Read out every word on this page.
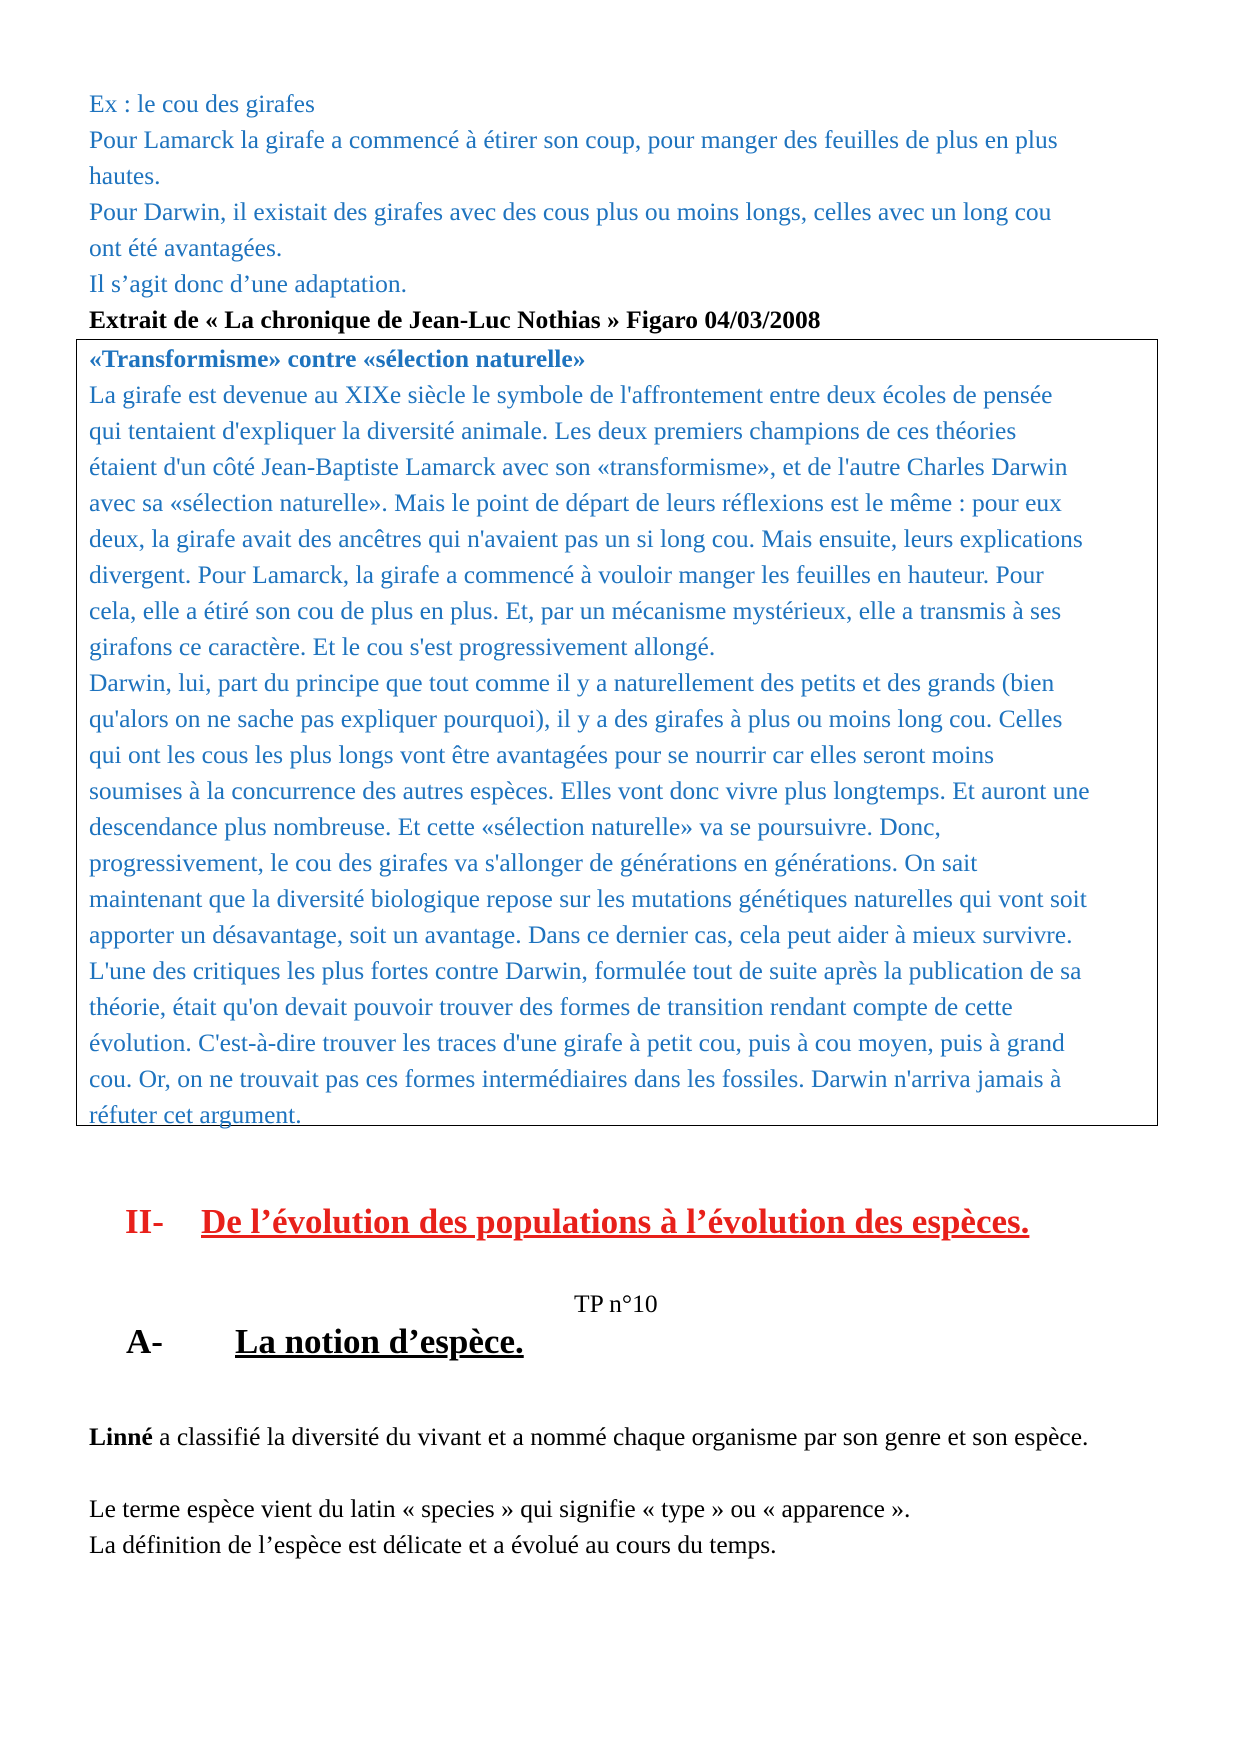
Ex : le cou des girafes

Pour Lamarck la girafe a commencé à étirer son coup, pour manger des feuilles de plus en plus

hautes.

Pour Darwin, il existait des girafes avec des cous plus ou moins longs, celles avec un long cou

ont été avantagées.

Il s’agit donc d’une adaptation.

Extrait de « La chronique de Jean-Luc Nothias » Figaro 04/03/2008

«Transformisme» contre «sélection naturelle»

La girafe est devenue au XIXe siècle le symbole de l'affrontement entre deux écoles de pensée

qui tentaient d'expliquer la diversité animale. Les deux premiers champions de ces théories

étaient d'un côté Jean-Baptiste Lamarck avec son «transformisme», et de l'autre Charles Darwin

avec sa «sélection naturelle». Mais le point de départ de leurs réflexions est le même : pour eux

deux, la girafe avait des ancêtres qui n'avaient pas un si long cou. Mais ensuite, leurs explications

divergent. Pour Lamarck, la girafe a commencé à vouloir manger les feuilles en hauteur. Pour

cela, elle a étiré son cou de plus en plus. Et, par un mécanisme mystérieux, elle a transmis à ses

girafons ce caractère. Et le cou s'est progressivement allongé.

Darwin, lui, part du principe que tout comme il y a naturellement des petits et des grands (bien

qu'alors on ne sache pas expliquer pourquoi), il y a des girafes à plus ou moins long cou. Celles

qui ont les cous les plus longs vont être avantagées pour se nourrir car elles seront moins

soumises à la concurrence des autres espèces. Elles vont donc vivre plus longtemps. Et auront une

descendance plus nombreuse. Et cette «sélection naturelle» va se poursuivre. Donc,

progressivement, le cou des girafes va s'allonger de générations en générations. On sait

maintenant que la diversité biologique repose sur les mutations génétiques naturelles qui vont soit

apporter un désavantage, soit un avantage. Dans ce dernier cas, cela peut aider à mieux survivre.

L'une des critiques les plus fortes contre Darwin, formulée tout de suite après la publication de sa

théorie, était qu'on devait pouvoir trouver des formes de transition rendant compte de cette

évolution. C'est-à-dire trouver les traces d'une girafe à petit cou, puis à cou moyen, puis à grand

cou. Or, on ne trouvait pas ces formes intermédiaires dans les fossiles. Darwin n'arriva jamais à

réfuter cet argument.

II- De l’évolution des populations à l’évolution des espèces.
TP n°10
A- La notion d’espèce.

Linné a classifié la diversité du vivant et a nommé chaque organisme par son genre et son espèce.

Le terme espèce vient du latin « species » qui signifie « type » ou « apparence ».

La définition de l’espèce est délicate et a évolué au cours du temps.
